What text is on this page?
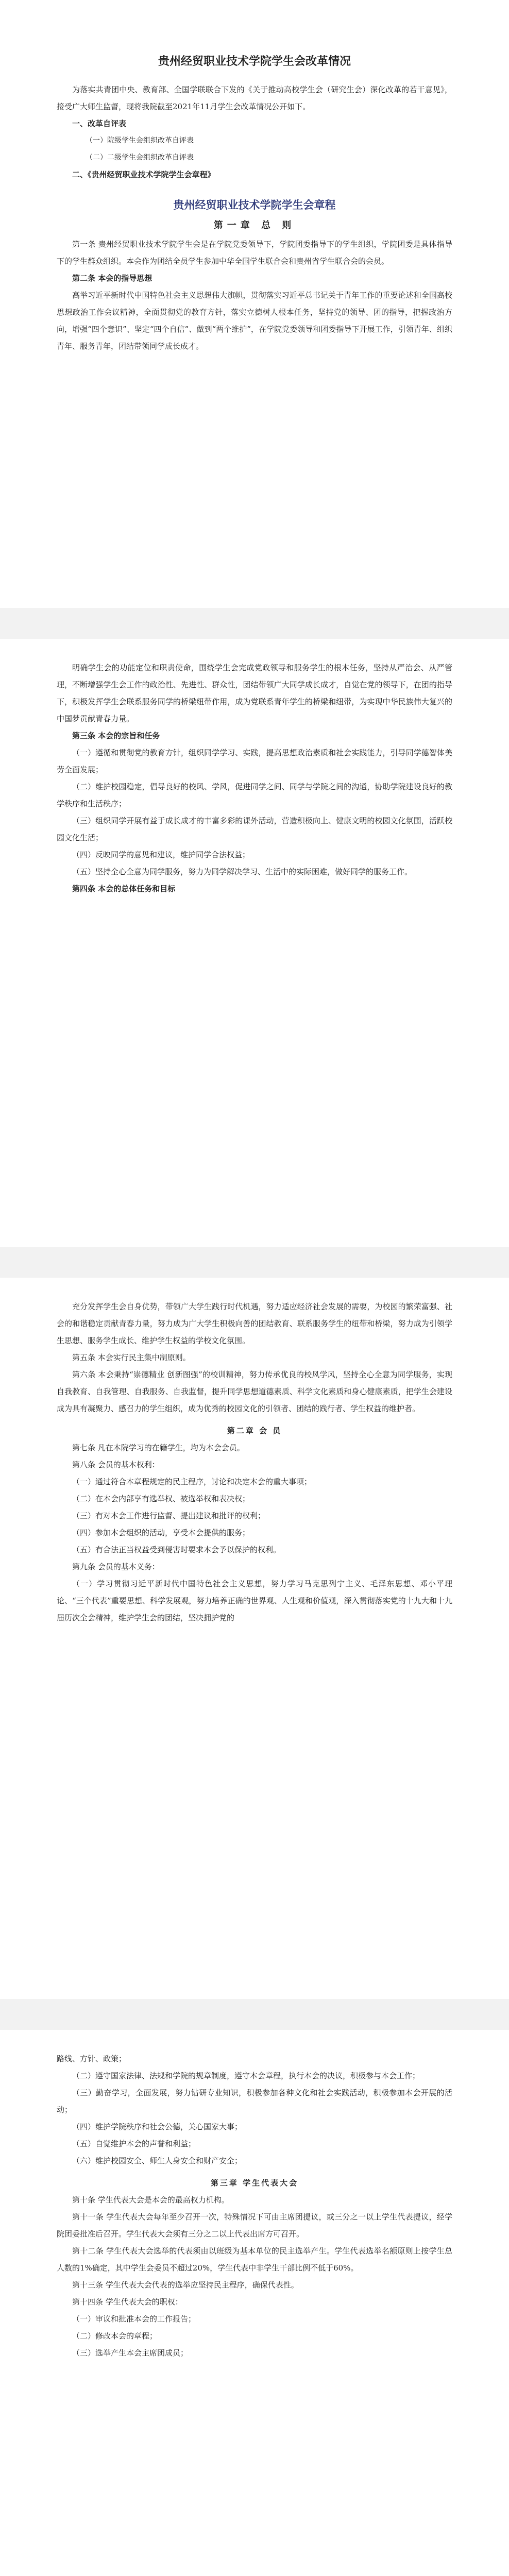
贵州经贸职业技术学院学生会改革情况

为落实共青团中央、教育部、全国学联联合下发的《关于推动高校学生会（研究生会）深化改革的若干意见》，接受广大师生监督，现将我院截至2021年11月学生会改革情况公开如下。

一、改革自评表

（一）院级学生会组织改革自评表

（二）二级学生会组织改革自评表

二、《贵州经贸职业技术学院学生会章程》

贵州经贸职业技术学院学生会章程

第一章 总 则

第一条 贵州经贸职业技术学院学生会是在学院党委领导下，学院团委指导下的学生组织，学院团委是具体指导下的学生群众组织。本会作为团结全员学生参加中华全国学生联合会和贵州省学生联合会的会员。

第二条 本会的指导思想

高举习近平新时代中国特色社会主义思想伟大旗帜，贯彻落实习近平总书记关于青年工作的重要论述和全国高校思想政治工作会议精神，全面贯彻党的教育方针，落实立德树人根本任务，坚持党的领导、团的指导，把握政治方向，增强“四个意识”、坚定“四个自信”、做到“两个维护”，在学院党委领导和团委指导下开展工作，引领青年、组织青年、服务青年，团结带领同学成长成才。

明确学生会的功能定位和职责使命，围绕学生会完成党政领导和服务学生的根本任务，坚持从严治会、从严管理，不断增强学生会工作的政治性、先进性、群众性，团结带领广大同学成长成才，自觉在党的领导下，在团的指导下，积极发挥学生会联系服务同学的桥梁纽带作用，成为党联系青年学生的桥梁和纽带，为实现中华民族伟大复兴的中国梦贡献青春力量。

第三条 本会的宗旨和任务

（一）遵循和贯彻党的教育方针，组织同学学习、实践，提高思想政治素质和社会实践能力，引导同学德智体美劳全面发展；

（二）维护校园稳定，倡导良好的校风、学风，促进同学之间、同学与学院之间的沟通，协助学院建设良好的教学秩序和生活秩序；

（三）组织同学开展有益于成长成才的丰富多彩的课外活动，营造积极向上、健康文明的校园文化氛围，活跃校园文化生活；

（四）反映同学的意见和建议，维护同学合法权益；

（五）坚持全心全意为同学服务，努力为同学解决学习、生活中的实际困难，做好同学的服务工作。

第四条 本会的总体任务和目标

充分发挥学生会自身优势，带领广大学生践行时代机遇，努力适应经济社会发展的需要，为校园的繁荣富强、社会的和谐稳定贡献青春力量，努力成为广大学生积极向善的团结教育、联系服务学生的纽带和桥梁，努力成为引领学生思想、服务学生成长、维护学生权益的学校文化氛围。

第五条 本会实行民主集中制原则。

第六条 本会秉持“崇德精业 创新图强”的校训精神，努力传承优良的校风学风，坚持全心全意为同学服务，实现自我教育、自我管理、自我服务、自我监督，提升同学思想道德素质、科学文化素质和身心健康素质，把学生会建设成为具有凝聚力、感召力的学生组织，成为优秀的校园文化的引领者、团结的践行者、学生权益的维护者。

第二章 会 员

第七条 凡在本院学习的在籍学生，均为本会会员。

第八条 会员的基本权利：

（一）通过符合本章程规定的民主程序，讨论和决定本会的重大事项；

（二）在本会内部享有选举权、被选举权和表决权；

（三）有对本会工作进行监督、提出建议和批评的权利；

（四）参加本会组织的活动，享受本会提供的服务；

（五）有合法正当权益受到侵害时要求本会予以保护的权利。

第九条 会员的基本义务：

（一）学习贯彻习近平新时代中国特色社会主义思想，努力学习马克思列宁主义、毛泽东思想、邓小平理论、“三个代表”重要思想、科学发展观，努力培养正确的世界观、人生观和价值观，深入贯彻落实党的十九大和十九届历次全会精神，维护学生会的团结，坚决拥护党的

路线、方针、政策；

（二）遵守国家法律、法规和学院的规章制度，遵守本会章程，执行本会的决议，积极参与本会工作；

（三）勤奋学习，全面发展，努力钻研专业知识，积极参加各种文化和社会实践活动，积极参加本会开展的活动；

（四）维护学院秩序和社会公德，关心国家大事；

（五）自觉维护本会的声誉和利益；

（六）维护校园安全、师生人身安全和财产安全；

第三章 学生代表大会

第十条 学生代表大会是本会的最高权力机构。

第十一条 学生代表大会每年至少召开一次，特殊情况下可由主席团提议，或三分之一以上学生代表提议，经学院团委批准后召开。学生代表大会须有三分之二以上代表出席方可召开。

第十二条 学生代表大会选举的代表须由以班级为基本单位的民主选举产生。学生代表选举名额原则上按学生总人数的1%确定，其中学生会委员不超过20%，学生代表中非学生干部比例不低于60%。

第十三条 学生代表大会代表的选举应坚持民主程序，确保代表性。

第十四条 学生代表大会的职权：

（一）审议和批准本会的工作报告；

（二）修改本会的章程；

（三）选举产生本会主席团成员；
